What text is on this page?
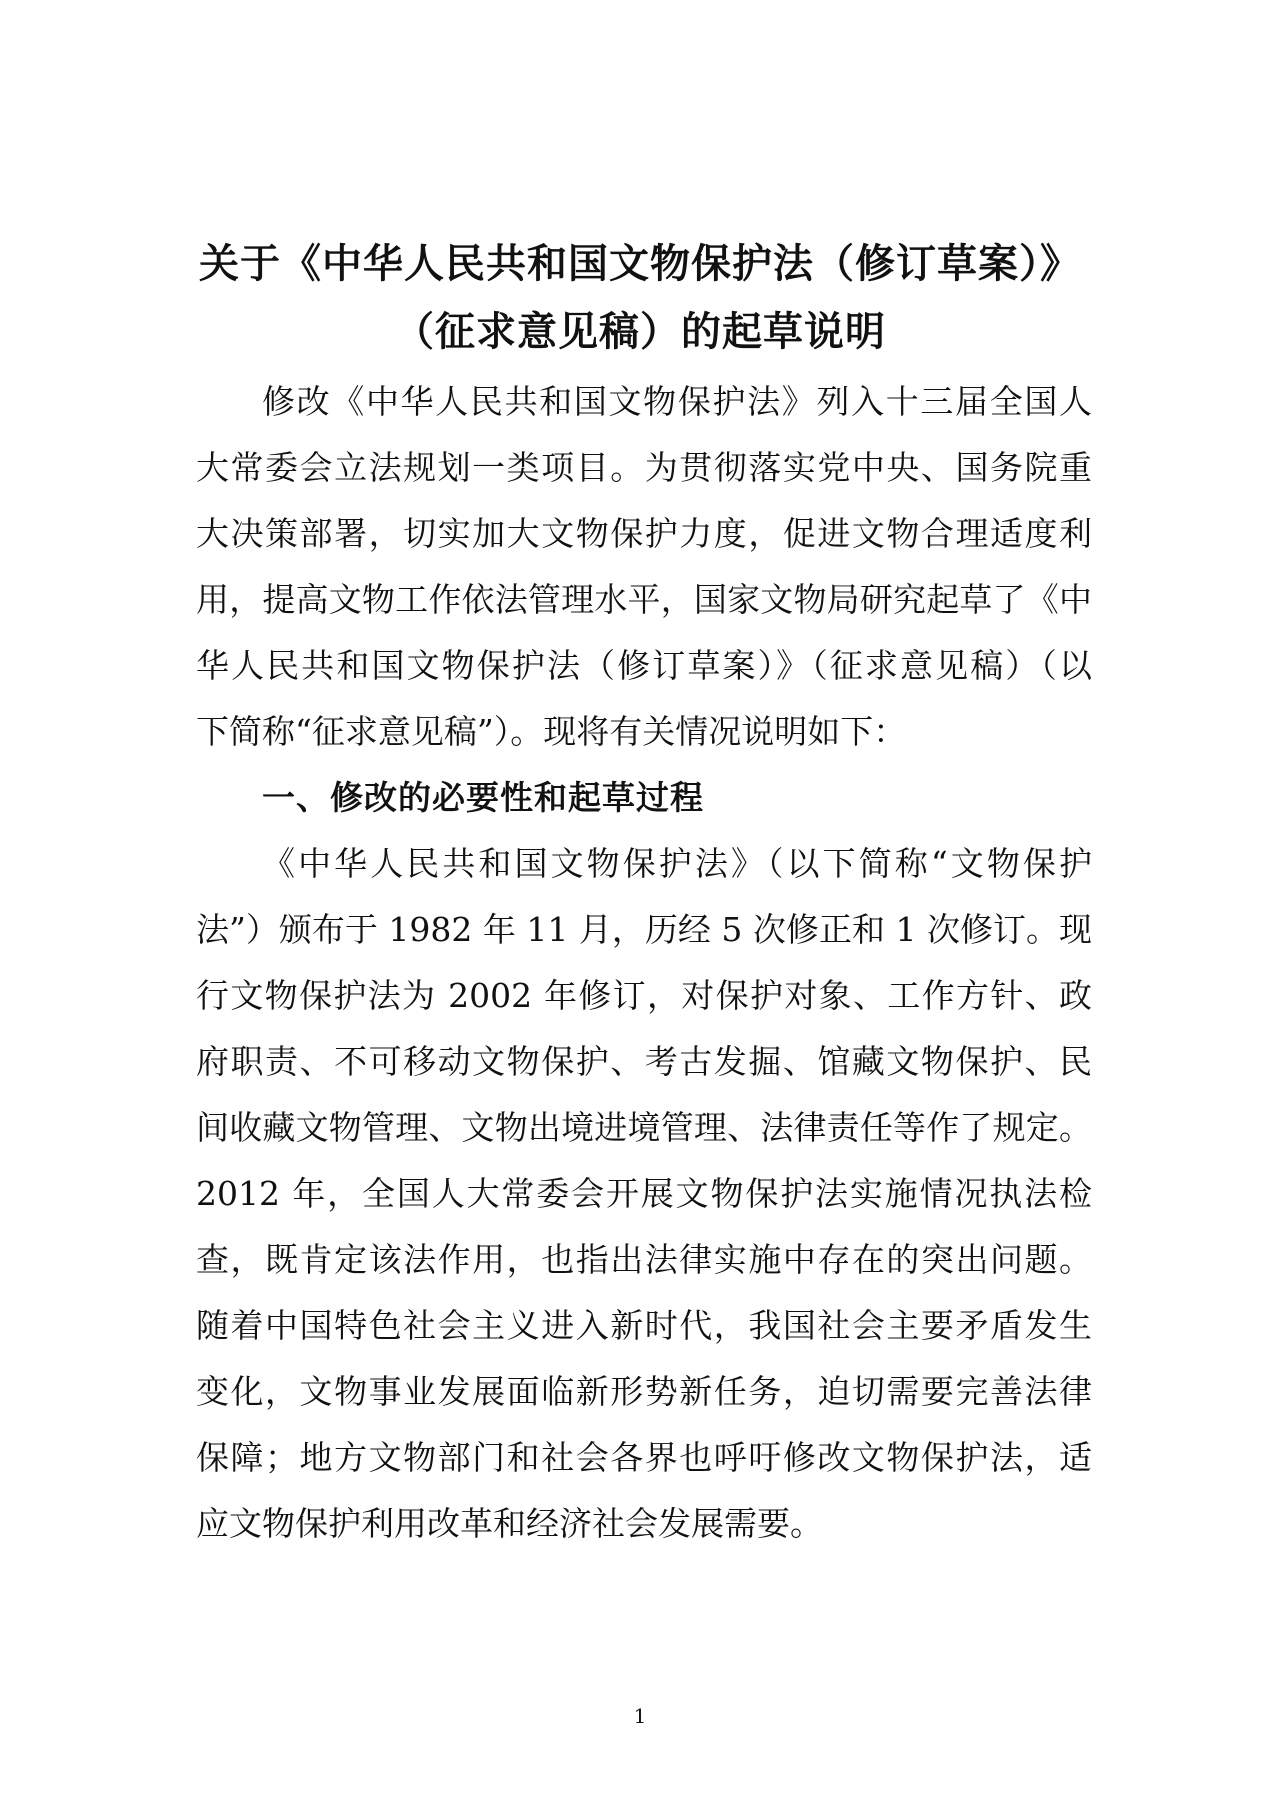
关于《中华人民共和国文物保护法（修订草案）》
（征求意见稿）的起草说明
修改《中华人民共和国文物保护法》列入十三届全国人
大常委会立法规划一类项目。为贯彻落实党中央、国务院重
大决策部署，切实加大文物保护力度，促进文物合理适度利
用，提高文物工作依法管理水平，国家文物局研究起草了《中
华人民共和国文物保护法（修订草案）》（征求意见稿）（以
下简称“征求意见稿”）。现将有关情况说明如下：
一、修改的必要性和起草过程
《中华人民共和国文物保护法》（以下简称“文物保护
法”）颁布于 1982 年 11 月，历经 5 次修正和 1 次修订。现
行文物保护法为 2002 年修订，对保护对象、工作方针、政
府职责、不可移动文物保护、考古发掘、馆藏文物保护、民
间收藏文物管理、文物出境进境管理、法律责任等作了规定。
2012 年，全国人大常委会开展文物保护法实施情况执法检
查，既肯定该法作用，也指出法律实施中存在的突出问题。
随着中国特色社会主义进入新时代，我国社会主要矛盾发生
变化，文物事业发展面临新形势新任务，迫切需要完善法律
保障；地方文物部门和社会各界也呼吁修改文物保护法，适
应文物保护利用改革和经济社会发展需要。
1
